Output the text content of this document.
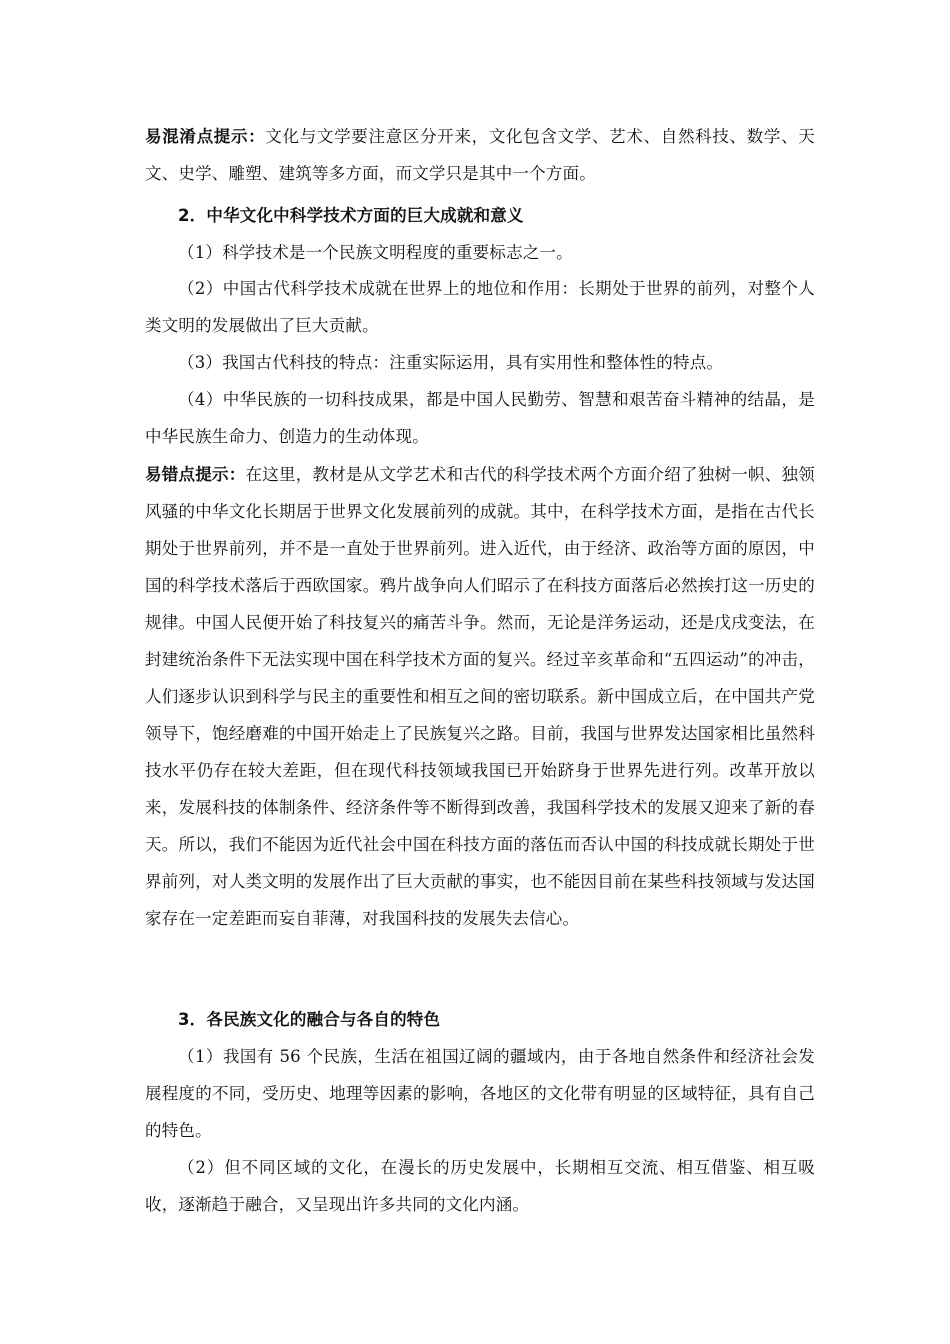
易混淆点提示：文化与文学要注意区分开来，文化包含文学、艺术、自然科技、数学、天文、史学、雕塑、建筑等多方面，而文学只是其中一个方面。

2．中华文化中科学技术方面的巨大成就和意义

（1）科学技术是一个民族文明程度的重要标志之一。

（2）中国古代科学技术成就在世界上的地位和作用：长期处于世界的前列，对整个人类文明的发展做出了巨大贡献。

（3）我国古代科技的特点：注重实际运用，具有实用性和整体性的特点。

（4）中华民族的一切科技成果，都是中国人民勤劳、智慧和艰苦奋斗精神的结晶，是中华民族生命力、创造力的生动体现。

易错点提示：在这里，教材是从文学艺术和古代的科学技术两个方面介绍了独树一帜、独领风骚的中华文化长期居于世界文化发展前列的成就。其中，在科学技术方面，是指在古代长期处于世界前列，并不是一直处于世界前列。进入近代，由于经济、政治等方面的原因，中国的科学技术落后于西欧国家。鸦片战争向人们昭示了在科技方面落后必然挨打这一历史的规律。中国人民便开始了科技复兴的痛苦斗争。然而，无论是洋务运动，还是戊戌变法，在封建统治条件下无法实现中国在科学技术方面的复兴。经过辛亥革命和“五四运动”的冲击，人们逐步认识到科学与民主的重要性和相互之间的密切联系。新中国成立后，在中国共产党领导下，饱经磨难的中国开始走上了民族复兴之路。目前，我国与世界发达国家相比虽然科技水平仍存在较大差距，但在现代科技领域我国已开始跻身于世界先进行列。改革开放以来，发展科技的体制条件、经济条件等不断得到改善，我国科学技术的发展又迎来了新的春天。所以，我们不能因为近代社会中国在科技方面的落伍而否认中国的科技成就长期处于世界前列，对人类文明的发展作出了巨大贡献的事实，也不能因目前在某些科技领域与发达国家存在一定差距而妄自菲薄，对我国科技的发展失去信心。

3．各民族文化的融合与各自的特色

（1）我国有 56 个民族，生活在祖国辽阔的疆域内，由于各地自然条件和经济社会发展程度的不同，受历史、地理等因素的影响，各地区的文化带有明显的区域特征，具有自己的特色。

（2）但不同区域的文化，在漫长的历史发展中，长期相互交流、相互借鉴、相互吸收，逐渐趋于融合，又呈现出许多共同的文化内涵。
